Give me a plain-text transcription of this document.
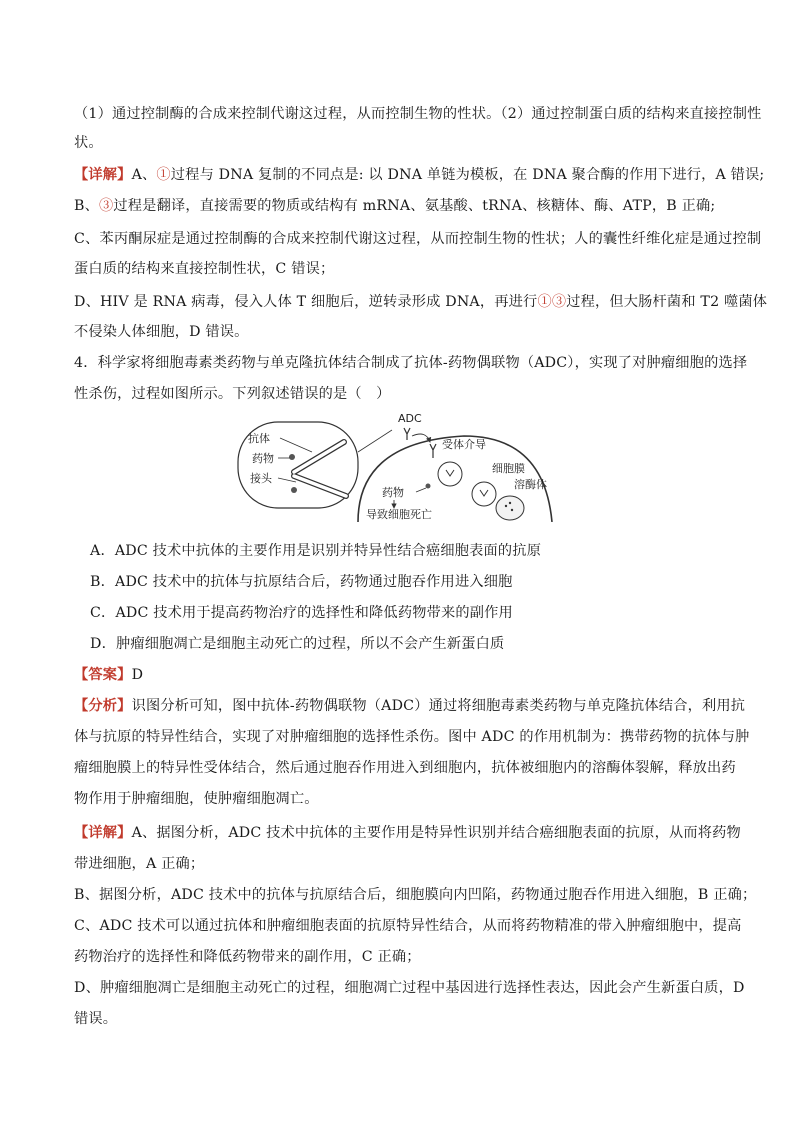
（1）通过控制酶的合成来控制代谢这过程，从而控制生物的性状。（2）通过控制蛋白质的结构来直接控制性
状。
【详解】A、①过程与 DNA 复制的不同点是: 以 DNA 单链为模板，在 DNA 聚合酶的作用下进行，A 错误;
B、③过程是翻译，直接需要的物质或结构有 mRNA、氨基酸、tRNA、核糖体、酶、ATP，B 正确;
C、苯丙酮尿症是通过控制酶的合成来控制代谢这过程，从而控制生物的性状；人的囊性纤维化症是通过控制
蛋白质的结构来直接控制性状，C 错误；
D、HIV 是 RNA 病毒，侵入人体 T 细胞后，逆转录形成 DNA，再进行①③过程，但大肠杆菌和 T2 噬菌体
不侵染人体细胞，D 错误。
4．科学家将细胞毒素类药物与单克隆抗体结合制成了抗体-药物偶联物（ADC），实现了对肿瘤细胞的选择
性杀伤，过程如图所示。下列叙述错误的是（　）
抗体
药物
接头
ADC
受体介导
细胞膜
溶酶体
药物
导致细胞死亡
A．ADC 技术中抗体的主要作用是识别并特异性结合癌细胞表面的抗原
B．ADC 技术中的抗体与抗原结合后，药物通过胞吞作用进入细胞
C．ADC 技术用于提高药物治疗的选择性和降低药物带来的副作用
D．肿瘤细胞凋亡是细胞主动死亡的过程，所以不会产生新蛋白质
【答案】D
【分析】识图分析可知，图中抗体-药物偶联物（ADC）通过将细胞毒素类药物与单克隆抗体结合，利用抗
体与抗原的特异性结合，实现了对肿瘤细胞的选择性杀伤。图中 ADC 的作用机制为：携带药物的抗体与肿
瘤细胞膜上的特异性受体结合，然后通过胞吞作用进入到细胞内，抗体被细胞内的溶酶体裂解，释放出药
物作用于肿瘤细胞，使肿瘤细胞凋亡。
【详解】A、据图分析，ADC 技术中抗体的主要作用是特异性识别并结合癌细胞表面的抗原，从而将药物
带进细胞，A 正确；
B、据图分析，ADC 技术中的抗体与抗原结合后，细胞膜向内凹陷，药物通过胞吞作用进入细胞，B 正确；
C、ADC 技术可以通过抗体和肿瘤细胞表面的抗原特异性结合，从而将药物精准的带入肿瘤细胞中，提高
药物治疗的选择性和降低药物带来的副作用，C 正确；
D、肿瘤细胞凋亡是细胞主动死亡的过程，细胞凋亡过程中基因进行选择性表达，因此会产生新蛋白质，D
错误。
